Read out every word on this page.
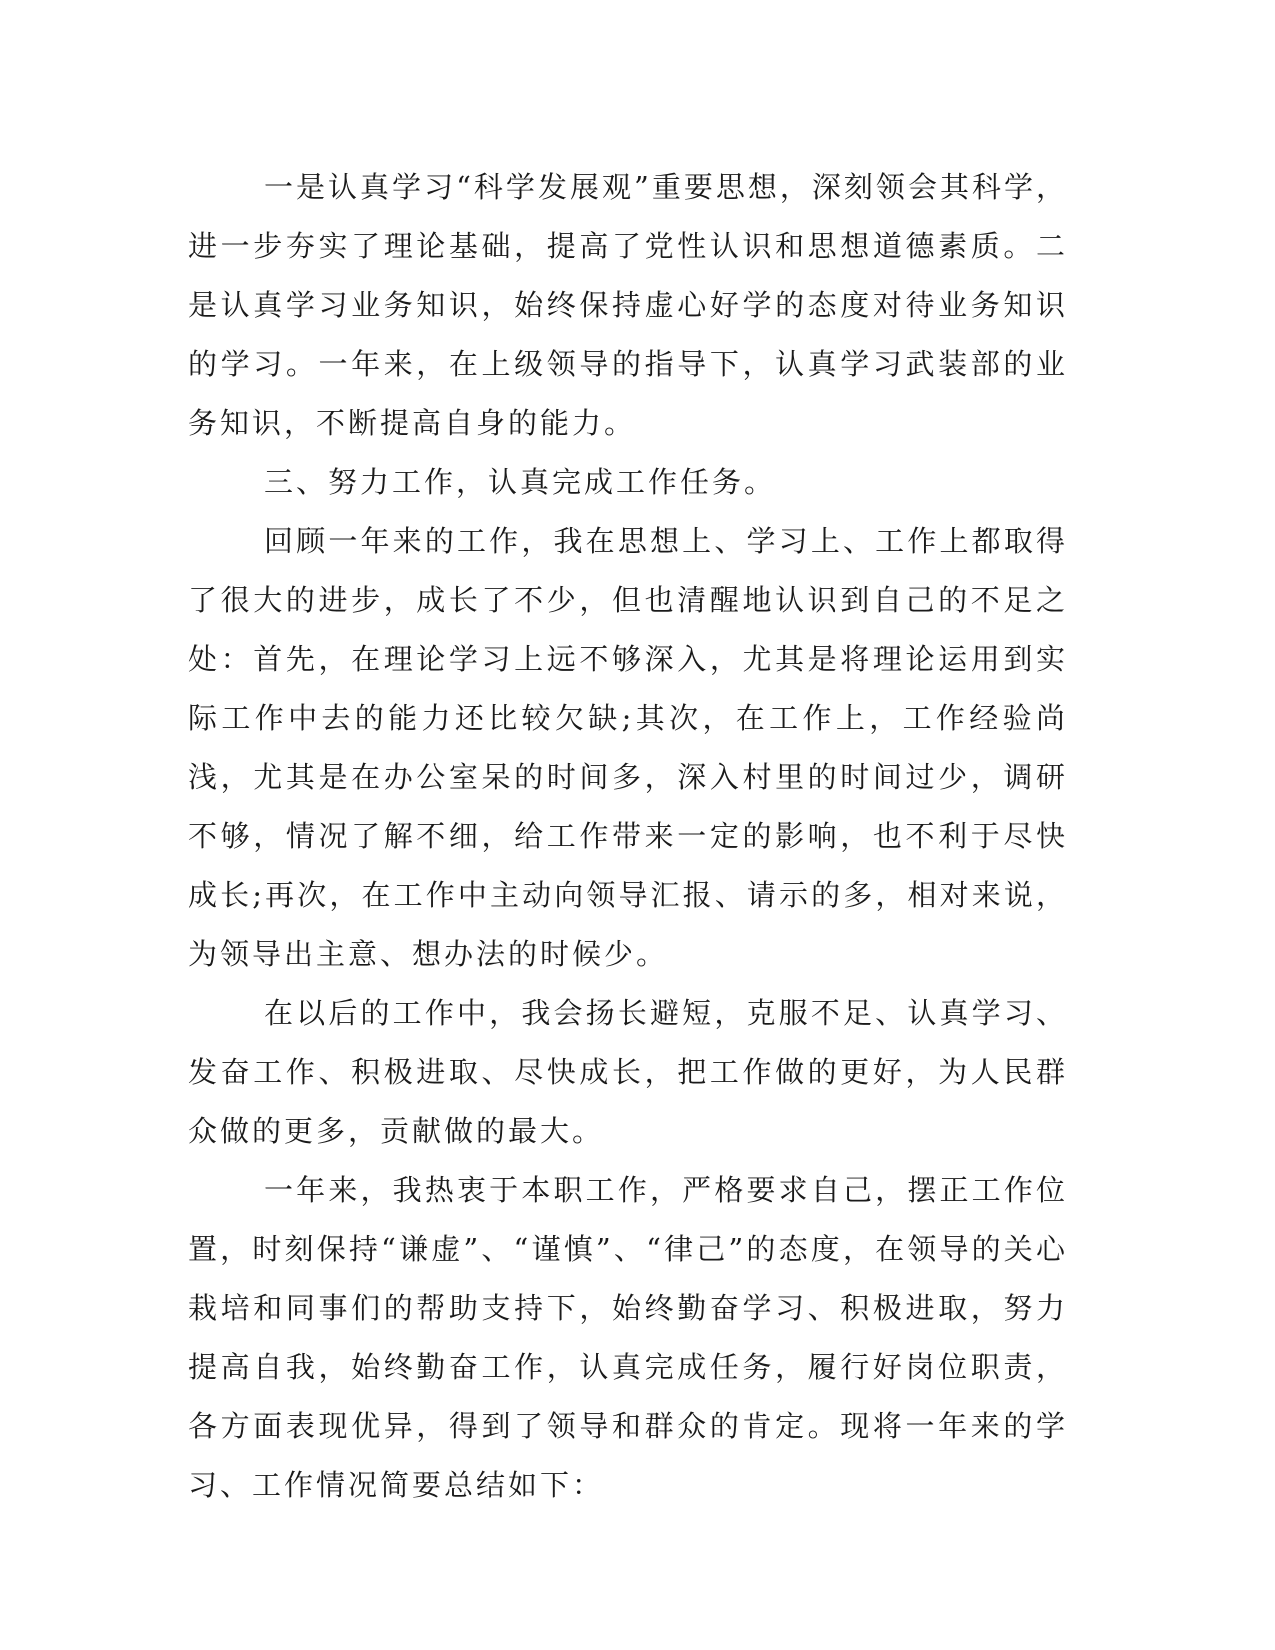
一是认真学习“科学发展观”重要思想，深刻领会其科学，进一步夯实了理论基础，提高了党性认识和思想道德素质。二是认真学习业务知识，始终保持虚心好学的态度对待业务知识的学习。一年来，在上级领导的指导下，认真学习武装部的业务知识，不断提高自身的能力。

三、努力工作，认真完成工作任务。

回顾一年来的工作，我在思想上、学习上、工作上都取得了很大的进步，成长了不少，但也清醒地认识到自己的不足之处：首先，在理论学习上远不够深入，尤其是将理论运用到实际工作中去的能力还比较欠缺;其次，在工作上，工作经验尚浅，尤其是在办公室呆的时间多，深入村里的时间过少，调研不够，情况了解不细，给工作带来一定的影响，也不利于尽快成长;再次，在工作中主动向领导汇报、请示的多，相对来说，为领导出主意、想办法的时候少。

在以后的工作中，我会扬长避短，克服不足、认真学习、发奋工作、积极进取、尽快成长，把工作做的更好，为人民群众做的更多，贡献做的最大。

一年来，我热衷于本职工作，严格要求自己，摆正工作位置，时刻保持“谦虚”、“谨慎”、“律己”的态度，在领导的关心栽培和同事们的帮助支持下，始终勤奋学习、积极进取，努力提高自我，始终勤奋工作，认真完成任务，履行好岗位职责，各方面表现优异，得到了领导和群众的肯定。现将一年来的学习、工作情况简要总结如下：
